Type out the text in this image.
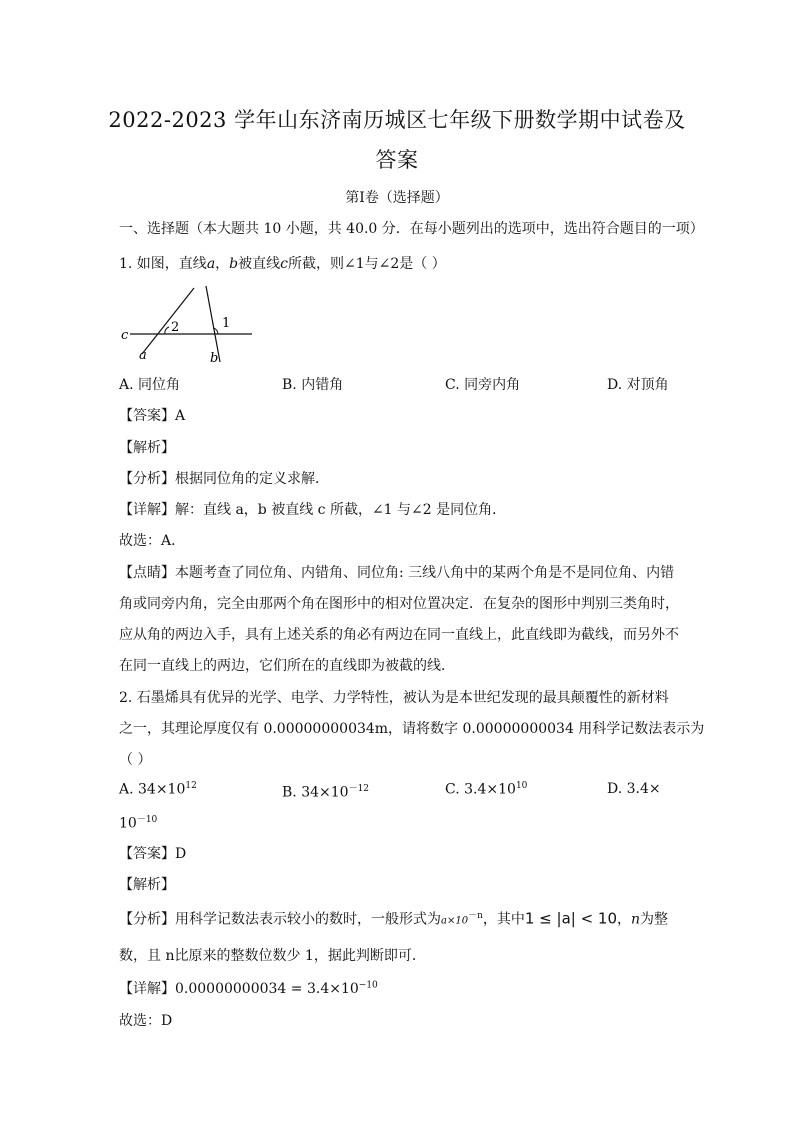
2022-2023 学年山东济南历城区七年级下册数学期中试卷及
答案
第Ⅰ卷（选择题）
一、选择题（本大题共 10 小题，共 40.0 分．在每小题列出的选项中，选出符合题目的一项）
1. 如图，直线a，b被直线c所截，则∠1与∠2是（ ）
c
a	b
1
2
A. 同位角	B. 内错角	C. 同旁内角	D. 对顶角
【答案】A
【解析】
【分析】根据同位角的定义求解．
【详解】解：直线 a，b 被直线 c 所截，∠1 与∠2 是同位角．
故选：A．
【点睛】本题考查了同位角、内错角、同位角: 三线八角中的某两个角是不是同位角、内错
角或同旁内角，完全由那两个角在图形中的相对位置决定．在复杂的图形中判别三类角时，
应从角的两边入手，具有上述关系的角必有两边在同一直线上，此直线即为截线，而另外不
在同一直线上的两边，它们所在的直线即为被截的线．
2. 石墨烯具有优异的光学、电学、力学特性，被认为是本世纪发现的最具颠覆性的新材料
之一，其理论厚度仅有 0.00000000034m，请将数字 0.00000000034 用科学记数法表示为
（ ）
A. $34\times 10^{12}$	B. $34\times 10^{-12}$	C. $3.4\times 10^{10}$	D. 3.4×
$10^{-10}$
【答案】D
【解析】
【分析】用科学记数法表示较小的数时，一般形式为$a\times 10^{-n}$，其中1 ≤ |a| < 10，n为整
数，且 n比原来的整数位数少 1，据此判断即可．
【详解】$0.00000000034 = 3.4\times 10^{-10}$
故选：D
